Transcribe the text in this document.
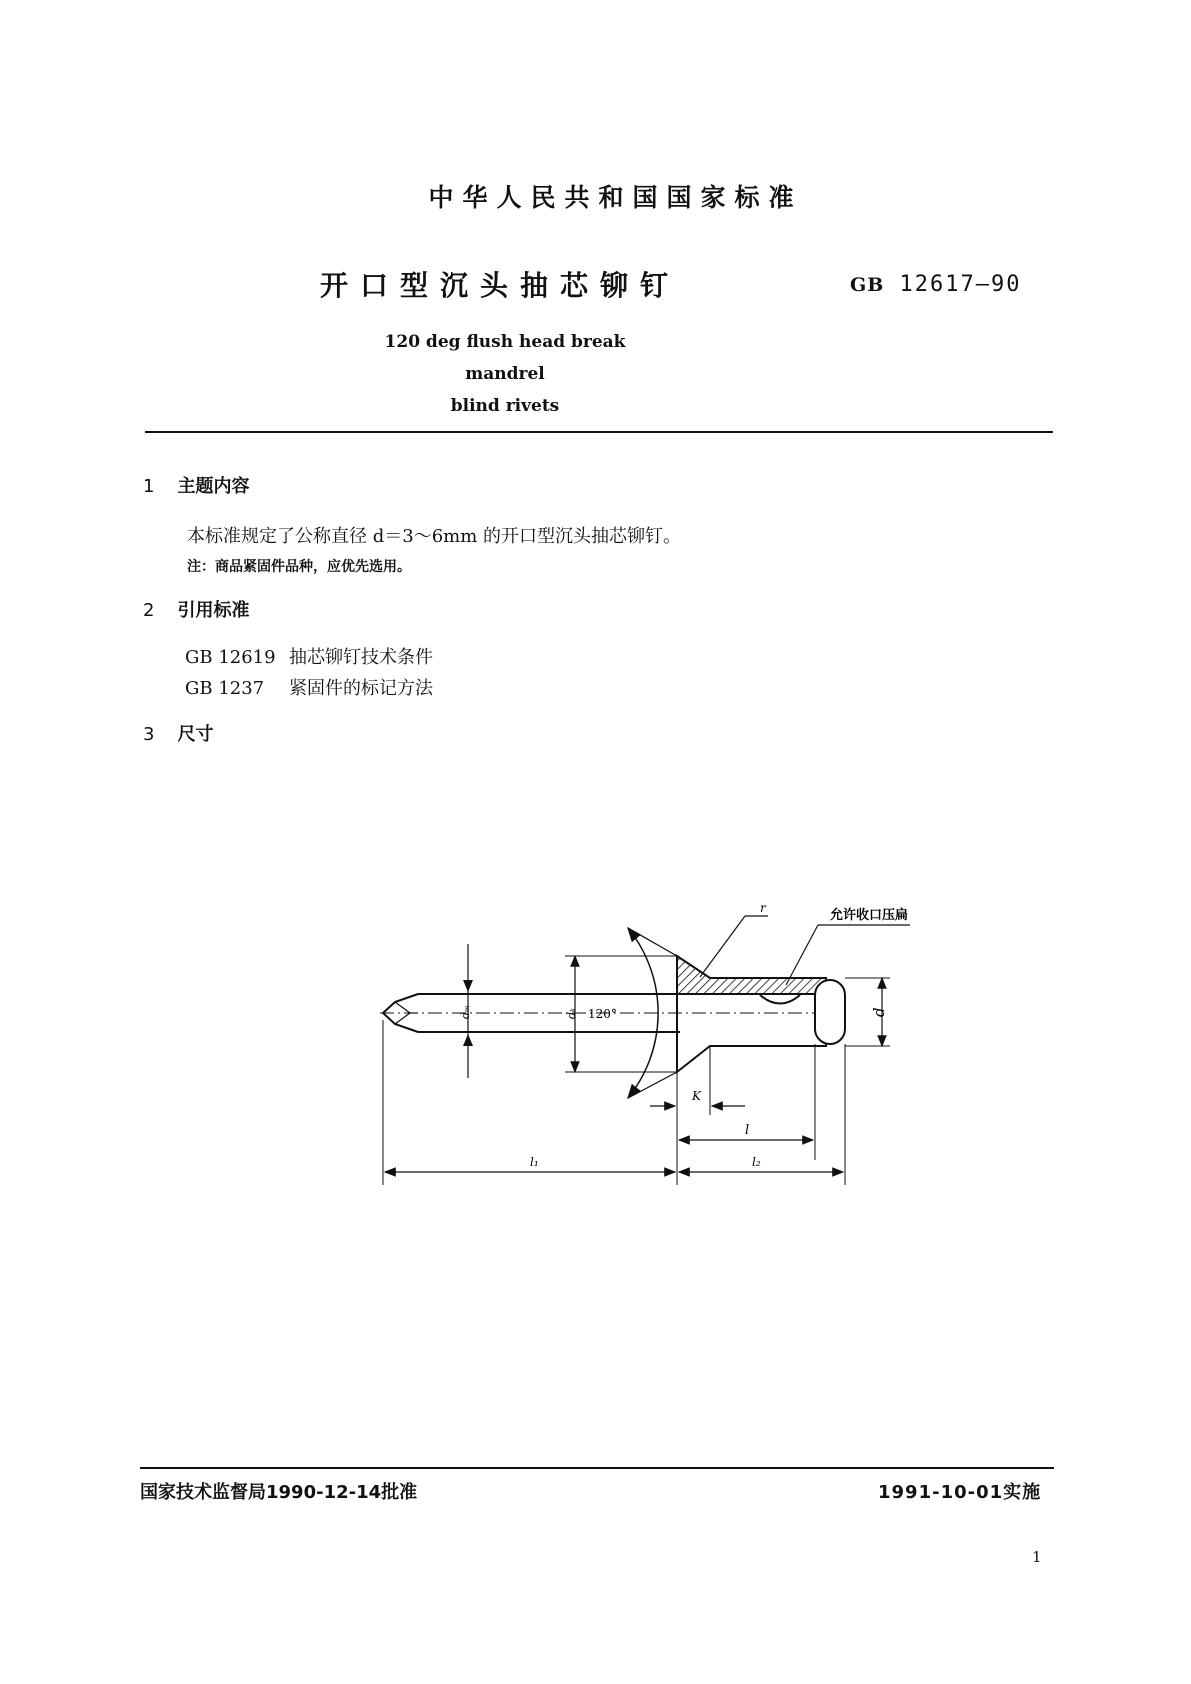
中华人民共和国国家标准
开口型沉头抽芯铆钉	GB 12617—90
120 deg flush head break mandrel
blind rivets
1 主题内容
本标准规定了公称直径 d＝3～6mm 的开口型沉头抽芯铆钉。
注：商品紧固件品种，应优先选用。
2 引用标准
GB 12619 抽芯铆钉技术条件
GB 1237 紧固件的标记方法
3 尺寸
r	允许收口压扁
dₘ	dₖ 120°	d
K
l
l₁	l₂
国家技术监督局1990-12-14批准	1991-10-01实施
1
